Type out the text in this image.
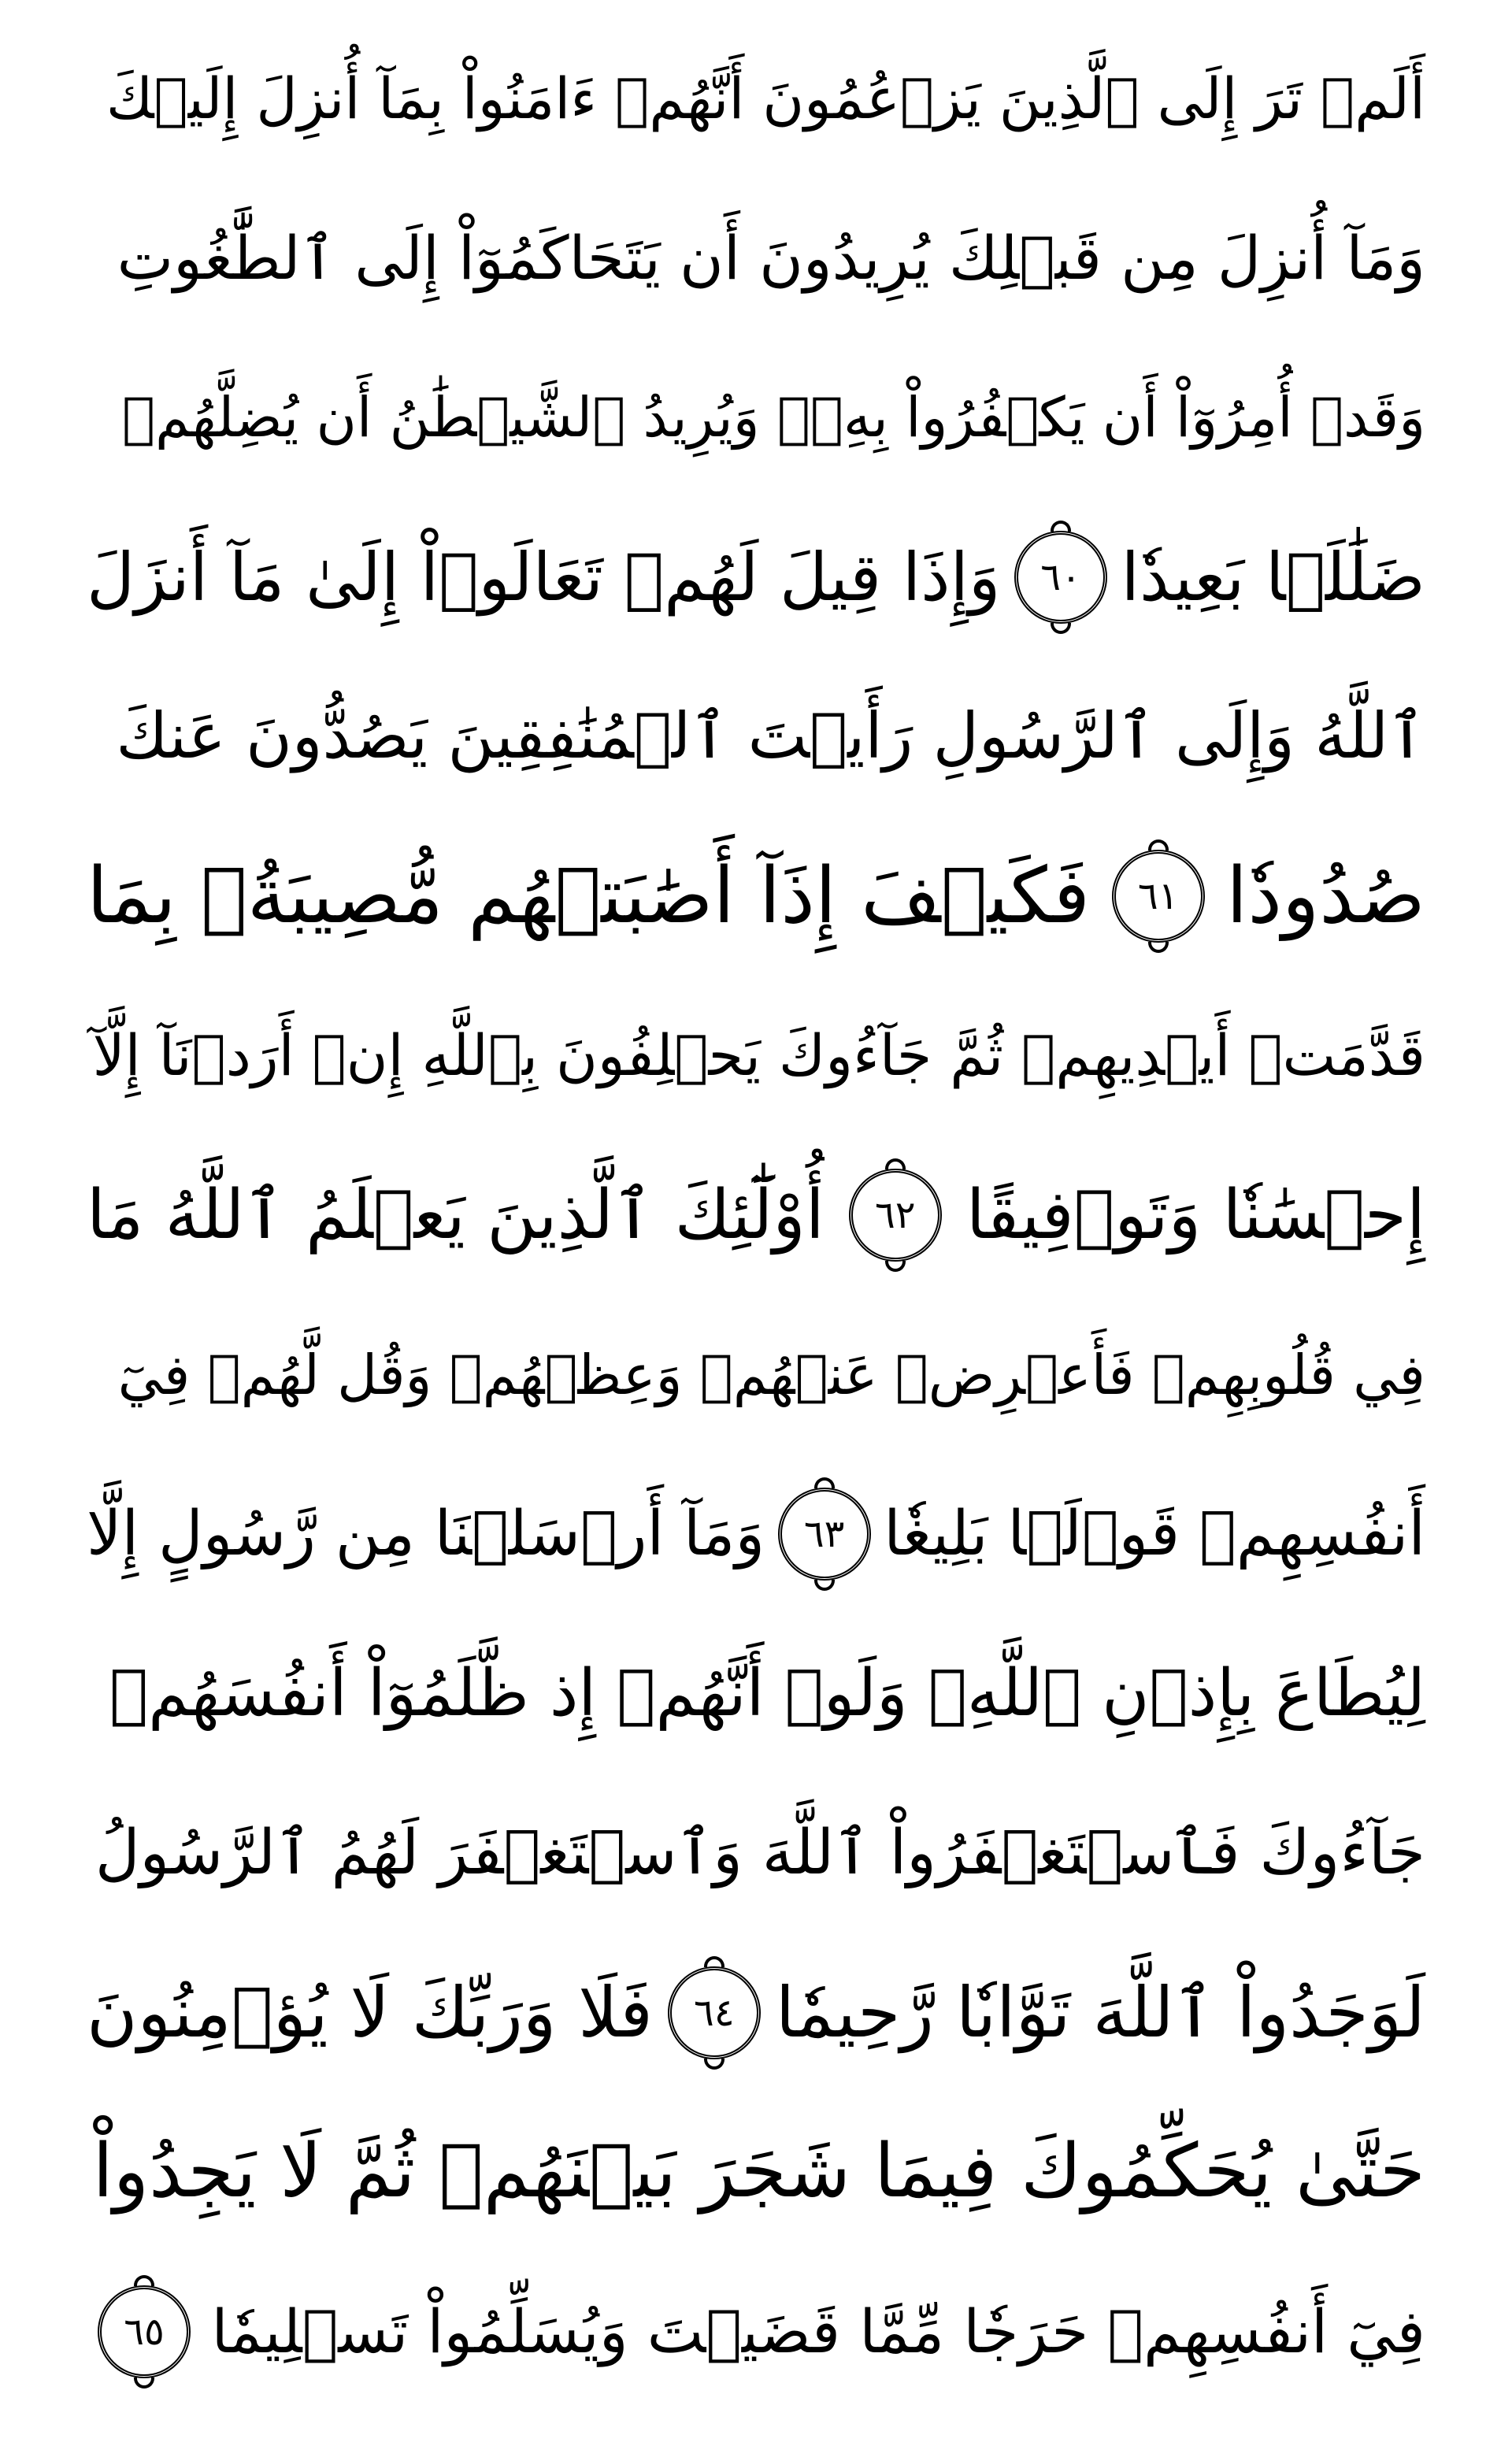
أَلَمۡ تَرَ إِلَى ٱلَّذِينَ يَزۡعُمُونَ أَنَّهُمۡ ءَامَنُواْ بِمَآ أُنزِلَ إِلَيۡكَ
وَمَآ أُنزِلَ مِن قَبۡلِكَ يُرِيدُونَ أَن يَتَحَاكَمُوٓاْ إِلَى ٱلطَّٰغُوتِ
وَقَدۡ أُمِرُوٓاْ أَن يَكۡفُرُواْ بِهِۦۖ وَيُرِيدُ ٱلشَّيۡطَٰنُ أَن يُضِلَّهُمۡ
ضَلَٰلَۢا بَعِيدٗا
٦٠
وَإِذَا قِيلَ لَهُمۡ تَعَالَوۡاْ إِلَىٰ مَآ أَنزَلَ
ٱللَّهُ وَإِلَى ٱلرَّسُولِ رَأَيۡتَ ٱلۡمُنَٰفِقِينَ يَصُدُّونَ عَنكَ
صُدُودٗا
٦١
فَكَيۡفَ إِذَآ أَصَٰبَتۡهُم مُّصِيبَةُۢ بِمَا
قَدَّمَتۡ أَيۡدِيهِمۡ ثُمَّ جَآءُوكَ يَحۡلِفُونَ بِٱللَّهِ إِنۡ أَرَدۡنَآ إِلَّآ
إِحۡسَٰنٗا وَتَوۡفِيقًا
٦٢
أُوْلَٰٓئِكَ ٱلَّذِينَ يَعۡلَمُ ٱللَّهُ مَا
فِي قُلُوبِهِمۡ فَأَعۡرِضۡ عَنۡهُمۡ وَعِظۡهُمۡ وَقُل لَّهُمۡ فِيٓ
أَنفُسِهِمۡ قَوۡلَۢا بَلِيغٗا
٦٣
وَمَآ أَرۡسَلۡنَا مِن رَّسُولٍ إِلَّا
لِيُطَاعَ بِإِذۡنِ ٱللَّهِۚ وَلَوۡ أَنَّهُمۡ إِذ ظَّلَمُوٓاْ أَنفُسَهُمۡ
جَآءُوكَ فَٱسۡتَغۡفَرُواْ ٱللَّهَ وَٱسۡتَغۡفَرَ لَهُمُ ٱلرَّسُولُ
لَوَجَدُواْ ٱللَّهَ تَوَّابٗا رَّحِيمٗا
٦٤
فَلَا وَرَبِّكَ لَا يُؤۡمِنُونَ
حَتَّىٰ يُحَكِّمُوكَ فِيمَا شَجَرَ بَيۡنَهُمۡ ثُمَّ لَا يَجِدُواْ
فِيٓ أَنفُسِهِمۡ حَرَجٗا مِّمَّا قَضَيۡتَ وَيُسَلِّمُواْ تَسۡلِيمٗا
٦٥
